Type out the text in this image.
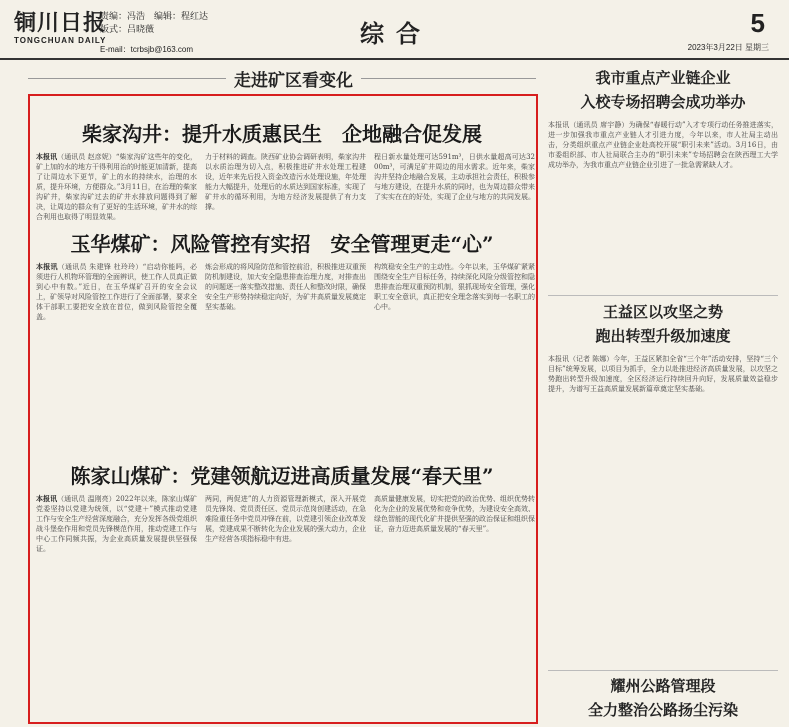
铜川日报
TONGCHUAN DAILY
责编：冯浩　编辑：程红达
版式：吕晓薇
E-mail：tcrbsjb@163.com
综合	5
2023年3月22日 星期三
走进矿区看变化
柴家沟井：提升水质惠民生　企地融合促发展
本报讯（通讯员 赵彦妮）“柴家沟矿这些年的变化，矿上加的水的地方干得利用治的时能更加清新，提高了让周边水下更节，矿上的水的持续水，治理的水质，提升环境，方便群众。”3月11日，在治理的柴家沟矿井，柴家沟矿过去的矿井水排放问题得到了解决，让周边的群众有了更好的生活环境，矿井水的综合利用也取得了明显效果。
力于材料的调查。陕西矿业协会调研表明，柴家沟井以水质治理为切入点，积极推进矿井水处理工程建设，近年来先后投入资金改造污水处理设施，年处理能力大幅提升，处理后的水质达到国家标准，实现了矿井水的循环利用，为地方经济发展提供了有力支撑。
程日新水量处理可达591m³，日供水量超高可达3200m³，可满足矿井周边的用水需求。近年来，柴家沟井坚持企地融合发展，主动承担社会责任，积极参与地方建设，在提升水质的同时，也为周边群众带来了实实在在的好处，实现了企业与地方的共同发展。
玉华煤矿：风险管控有实招　安全管理更走“心”
本报讯（通讯员 朱建锋 杜玲玲）“启动你能吗，必须进行人机物环管理的全面辨识，使工作人员真正做到心中有数。”近日，在玉华煤矿召开的安全会议上，矿领导对风险管控工作进行了全面部署，要求全体干部职工要把安全放在首位，做到风险管控全覆盖。
炼会形成的将风险防范和管控前沿，积极推进双重预防机制建设，加大安全隐患排查治理力度，对排查出的问题逐一落实整改措施、责任人和整改时限，确保安全生产形势持续稳定向好，为矿井高质量发展奠定坚实基础。
构筑稳安全生产的主动性。今年以来，玉华煤矿紧紧围绕安全生产目标任务，持续深化风险分级管控和隐患排查治理双重预防机制，狠抓现场安全管理，强化职工安全意识，真正把安全理念落实到每一名职工的心中。
陈家山煤矿：党建领航迈进高质量发展“春天里”
本报讯（通讯员 温刚亮）2022年以来，陈家山煤矿党委坚持以党建为统领，以“党建＋”模式推动党建工作与安全生产经营深度融合，充分发挥各级党组织战斗堡垒作用和党员先锋模范作用，推动党建工作与中心工作同频共振，为企业高质量发展提供坚强保证。
两同，两促进”的人力资源管理新模式，深入开展党员先锋岗、党员责任区、党员示范岗创建活动，在急难险重任务中党员冲锋在前，以党建引领企业改革发展，党建成果不断转化为企业发展的强大动力，企业生产经营各项指标稳中有进。
高质量健康发展，切实把党的政治优势、组织优势转化为企业的发展优势和竞争优势，为建设安全高效、绿色智能的现代化矿井提供坚强的政治保证和组织保证，奋力迈进高质量发展的“春天里”。
我市重点产业链企业
入校专场招聘会成功举办
本报讯（通讯员 席宇静）为确保“春暖行动”入才专项行动任务推进落实，进一步加强我市重点产业链人才引进力度，今年以来，市人社局主动出击，分类组织重点产业链企业赴高校开展“职引未来”活动。3月16日，由市委组织部、市人社局联合主办的“职引未来”专场招聘会在陕西理工大学成功举办，为我市重点产业链企业引进了一批急需紧缺人才。
王益区以攻坚之势
跑出转型升级加速度
本报讯（记者 陈娜）今年，王益区紧扣全省“三个年”活动安排，坚持“三个目标”统筹发展，以项目为抓手，全力以赴推进经济高质量发展，以攻坚之势跑出转型升级加速度，全区经济运行持续回升向好，发展质量效益稳步提升，为谱写王益高质量发展新篇章奠定坚实基础。
耀州公路管理段
全力整治公路扬尘污染
